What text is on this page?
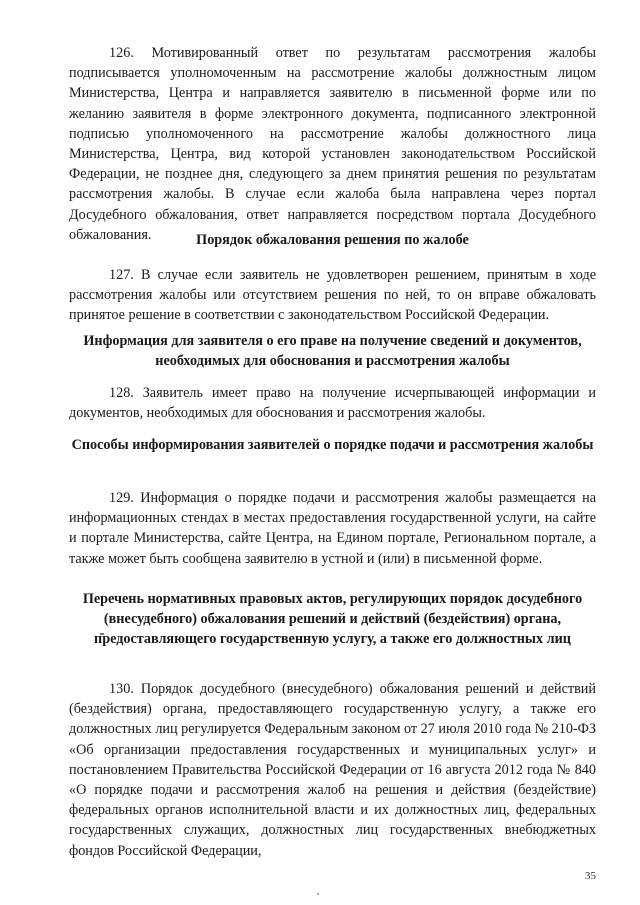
126. Мотивированный ответ по результатам рассмотрения жалобы подписывается уполномоченным на рассмотрение жалобы должностным лицом Министерства, Центра и направляется заявителю в письменной форме или по желанию заявителя в форме электронного документа, подписанного электронной подписью уполномоченного на рассмотрение жалобы должностного лица Министерства, Центра, вид которой установлен законодательством Российской Федерации, не позднее дня, следующего за днем принятия решения по результатам рассмотрения жалобы. В случае если жалоба была направлена через портал Досудебного обжалования, ответ направляется посредством портала Досудебного обжалования.	Порядок обжалования решения по жалобе

127. В случае если заявитель не удовлетворен решением, принятым в ходе рассмотрения жалобы или отсутствием решения по ней, то он вправе обжаловать принятое решение в соответствии с законодательством Российской Федерации.

Информация для заявителя о его праве на получение сведений и документов, необходимых для обоснования и рассмотрения жалобы

128. Заявитель имеет право на получение исчерпывающей информации и документов, необходимых для обоснования и рассмотрения жалобы.

Способы информирования заявителей о порядке подачи и рассмотрения жалобы

129. Информация о порядке подачи и рассмотрения жалобы размещается на информационных стендах в местах предоставления государственной услуги, на сайте и портале Министерства, сайте Центра, на Едином портале, Региональном портале, а также может быть сообщена заявителю в устной и (или) в письменной форме.

Перечень нормативных правовых актов, регулирующих порядок досудебного (внесудебного) обжалования решений и действий (бездействия) органа, предоставляющего государственную услугу, а также его должностных лиц

130. Порядок досудебного (внесудебного) обжалования решений и действий (бездействия) органа, предоставляющего государственную услугу, а также его должностных лиц регулируется Федеральным законом от 27 июля 2010 года № 210-ФЗ «Об организации предоставления государственных и муниципальных услуг» и постановлением Правительства Российской Федерации от 16 августа 2012 года № 840 «О порядке подачи и рассмотрения жалоб на решения и действия (бездействие) федеральных органов исполнительной власти и их должностных лиц, федеральных государственных служащих, должностных лиц государственных внебюджетных фондов Российской Федерации,

35
